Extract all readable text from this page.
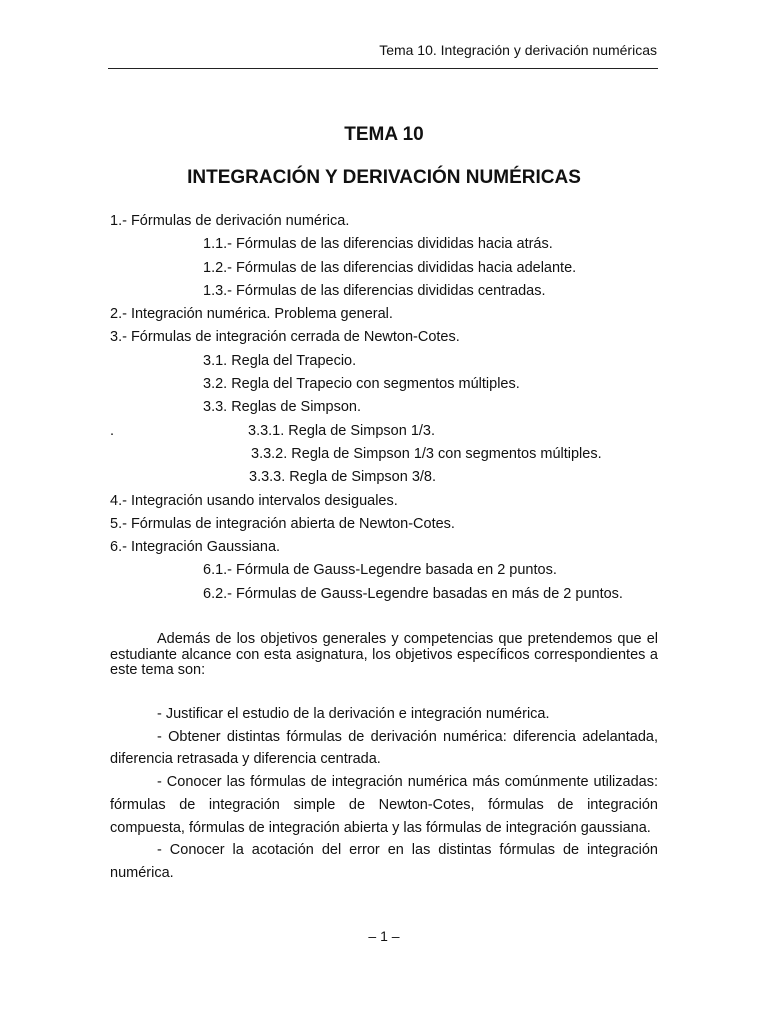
Tema 10. Integración y derivación numéricas
TEMA 10
INTEGRACIÓN Y DERIVACIÓN NUMÉRICAS
1.- Fórmulas de derivación numérica.
1.1.- Fórmulas de las diferencias divididas hacia atrás.
1.2.- Fórmulas de las diferencias divididas hacia adelante.
1.3.- Fórmulas de las diferencias divididas centradas.
2.- Integración numérica. Problema general.
3.- Fórmulas de integración cerrada de Newton-Cotes.
3.1. Regla del Trapecio.
3.2. Regla del Trapecio con segmentos múltiples.
3.3. Reglas de Simpson.
.	3.3.1. Regla de Simpson 1/3.
3.3.2. Regla de Simpson 1/3 con segmentos múltiples.
3.3.3. Regla de Simpson 3/8.
4.- Integración usando intervalos desiguales.
5.- Fórmulas de integración abierta de Newton-Cotes.
6.- Integración Gaussiana.
6.1.- Fórmula de Gauss-Legendre basada en 2 puntos.
6.2.- Fórmulas de Gauss-Legendre basadas en más de 2 puntos.

Además de los objetivos generales y competencias que pretendemos que el estudiante alcance con esta asignatura, los objetivos específicos correspondientes a este tema son:

- Justificar el estudio de la derivación e integración numérica.

- Obtener distintas fórmulas de derivación numérica: diferencia adelantada, diferencia retrasada y diferencia centrada.

- Conocer las fórmulas de integración numérica más comúnmente utilizadas: fórmulas de integración simple de Newton-Cotes, fórmulas de integración compuesta, fórmulas de integración abierta y las fórmulas de integración gaussiana.

- Conocer la acotación del error en las distintas fórmulas de integración numérica.

– 1 –
